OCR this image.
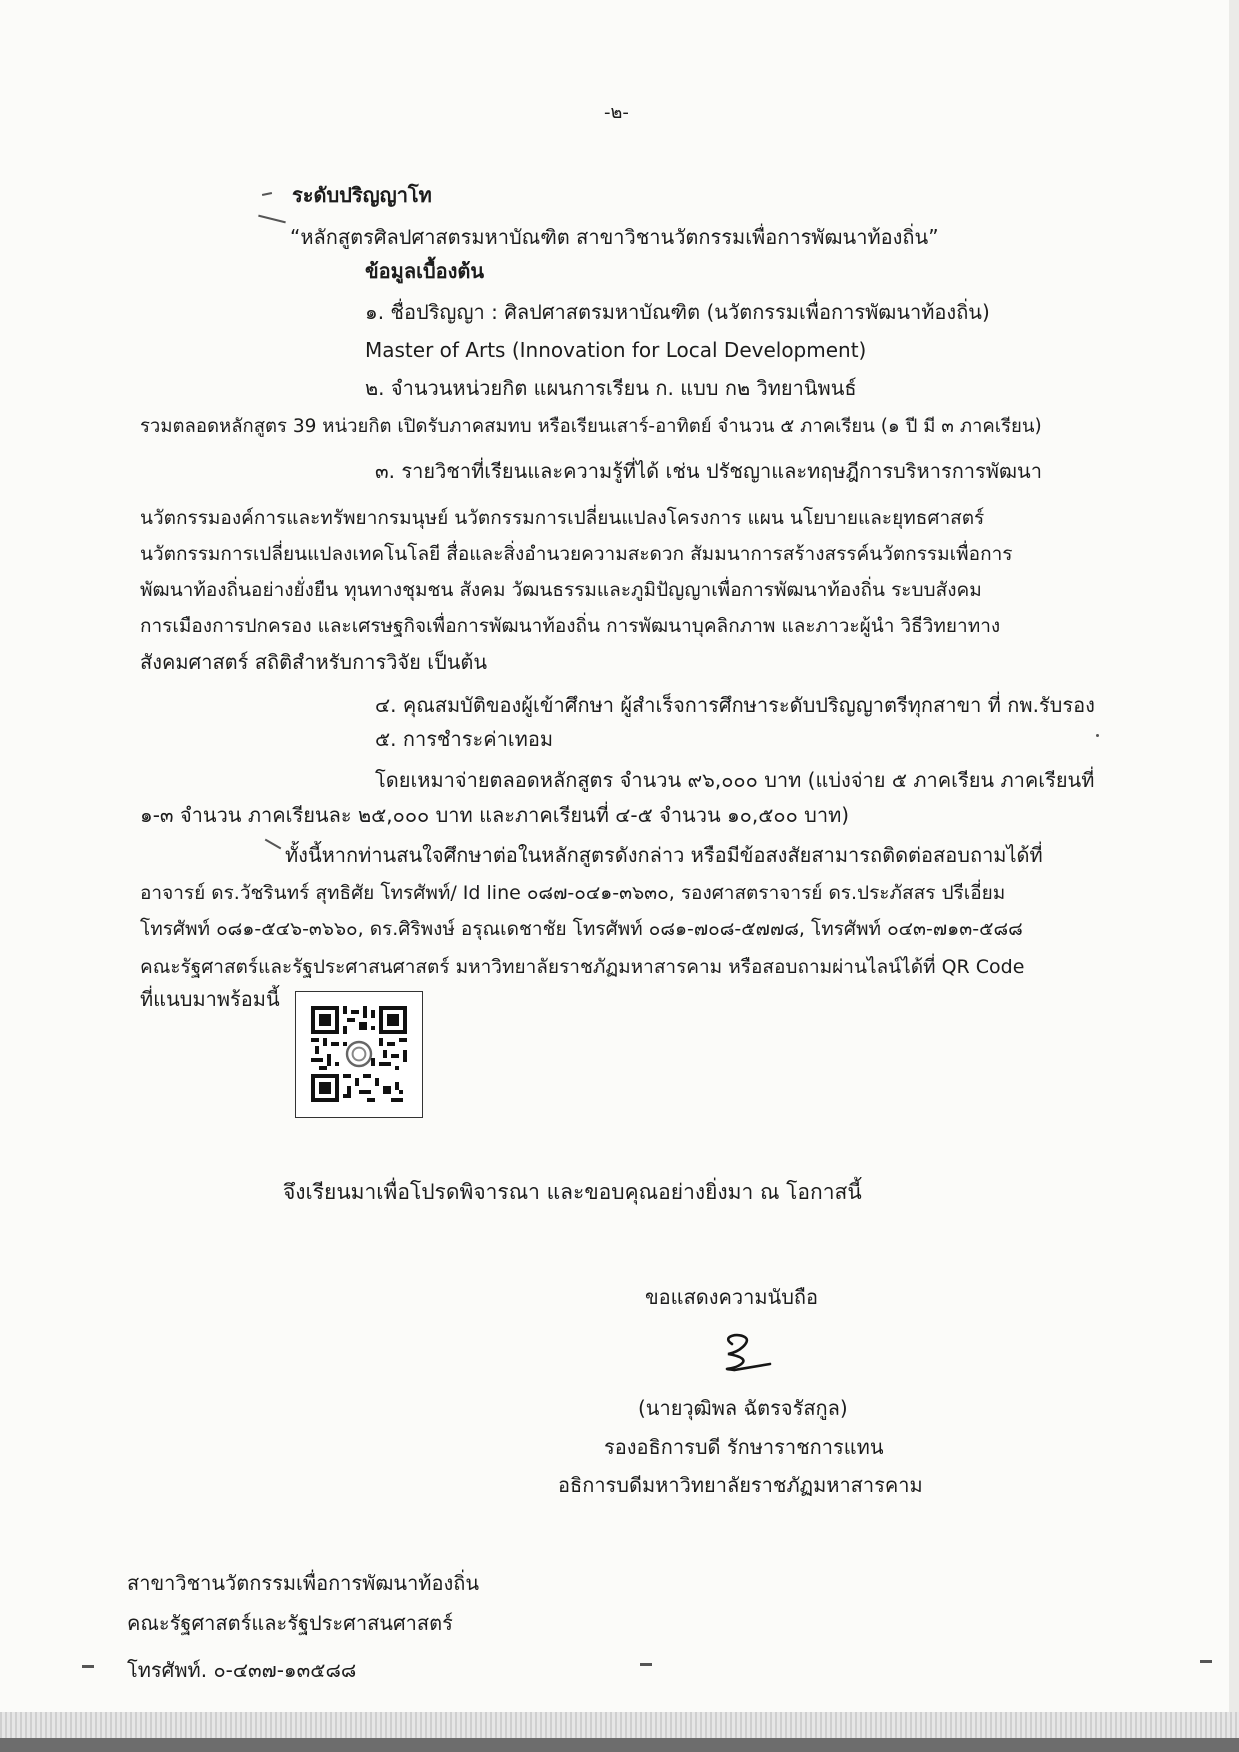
-๒-
ระดับปริญญาโท
“หลักสูตรศิลปศาสตรมหาบัณฑิต สาขาวิชานวัตกรรมเพื่อการพัฒนาท้องถิ่น”
ข้อมูลเบื้องต้น
๑. ชื่อปริญญา : ศิลปศาสตรมหาบัณฑิต (นวัตกรรมเพื่อการพัฒนาท้องถิ่น)
Master of Arts (Innovation for Local Development)
๒. จำนวนหน่วยกิต แผนการเรียน ก. แบบ ก๒ วิทยานิพนธ์
รวมตลอดหลักสูตร 39 หน่วยกิต เปิดรับภาคสมทบ หรือเรียนเสาร์-อาทิตย์ จำนวน ๕ ภาคเรียน (๑ ปี มี ๓ ภาคเรียน)
๓. รายวิชาที่เรียนและความรู้ที่ได้ เช่น ปรัชญาและทฤษฎีการบริหารการพัฒนา
นวัตกรรมองค์การและทรัพยากรมนุษย์ นวัตกรรมการเปลี่ยนแปลงโครงการ แผน นโยบายและยุทธศาสตร์
นวัตกรรมการเปลี่ยนแปลงเทคโนโลยี สื่อและสิ่งอำนวยความสะดวก สัมมนาการสร้างสรรค์นวัตกรรมเพื่อการ
พัฒนาท้องถิ่นอย่างยั่งยืน ทุนทางชุมชน สังคม วัฒนธรรมและภูมิปัญญาเพื่อการพัฒนาท้องถิ่น ระบบสังคม
การเมืองการปกครอง และเศรษฐกิจเพื่อการพัฒนาท้องถิ่น การพัฒนาบุคลิกภาพ และภาวะผู้นำ วิธีวิทยาทาง
สังคมศาสตร์ สถิติสำหรับการวิจัย เป็นต้น
๔. คุณสมบัติของผู้เข้าศึกษา ผู้สำเร็จการศึกษาระดับปริญญาตรีทุกสาขา ที่ กพ.รับรอง
๕. การชำระค่าเทอม
โดยเหมาจ่ายตลอดหลักสูตร จำนวน ๙๖,๐๐๐ บาท (แบ่งจ่าย ๕ ภาคเรียน ภาคเรียนที่
๑-๓ จำนวน ภาคเรียนละ ๒๕,๐๐๐ บาท และภาคเรียนที่ ๔-๕ จำนวน ๑๐,๕๐๐ บาท)
ทั้งนี้หากท่านสนใจศึกษาต่อในหลักสูตรดังกล่าว หรือมีข้อสงสัยสามารถติดต่อสอบถามได้ที่
อาจารย์ ดร.วัชรินทร์ สุทธิศัย โทรศัพท์/ Id line ๐๘๗-๐๔๑-๓๖๓๐, รองศาสตราจารย์ ดร.ประภัสสร ปรีเอี่ยม
โทรศัพท์ ๐๘๑-๕๔๖-๓๖๖๐, ดร.ศิริพงษ์ อรุณเดชาชัย โทรศัพท์ ๐๘๑-๗๐๘-๕๗๗๘, โทรศัพท์ ๐๔๓-๗๑๓-๕๘๘
คณะรัฐศาสตร์และรัฐประศาสนศาสตร์ มหาวิทยาลัยราชภัฏมหาสารคาม หรือสอบถามผ่านไลน์ได้ที่ QR Code
ที่แนบมาพร้อมนี้
จึงเรียนมาเพื่อโปรดพิจารณา และขอบคุณอย่างยิ่งมา ณ โอกาสนี้
ขอแสดงความนับถือ
(นายวุฒิพล ฉัตรจรัสกูล)
รองอธิการบดี รักษาราชการแทน
อธิการบดีมหาวิทยาลัยราชภัฏมหาสารคาม
สาขาวิชานวัตกรรมเพื่อการพัฒนาท้องถิ่น
คณะรัฐศาสตร์และรัฐประศาสนศาสตร์
โทรศัพท์. ๐-๔๓๗-๑๓๕๘๘
